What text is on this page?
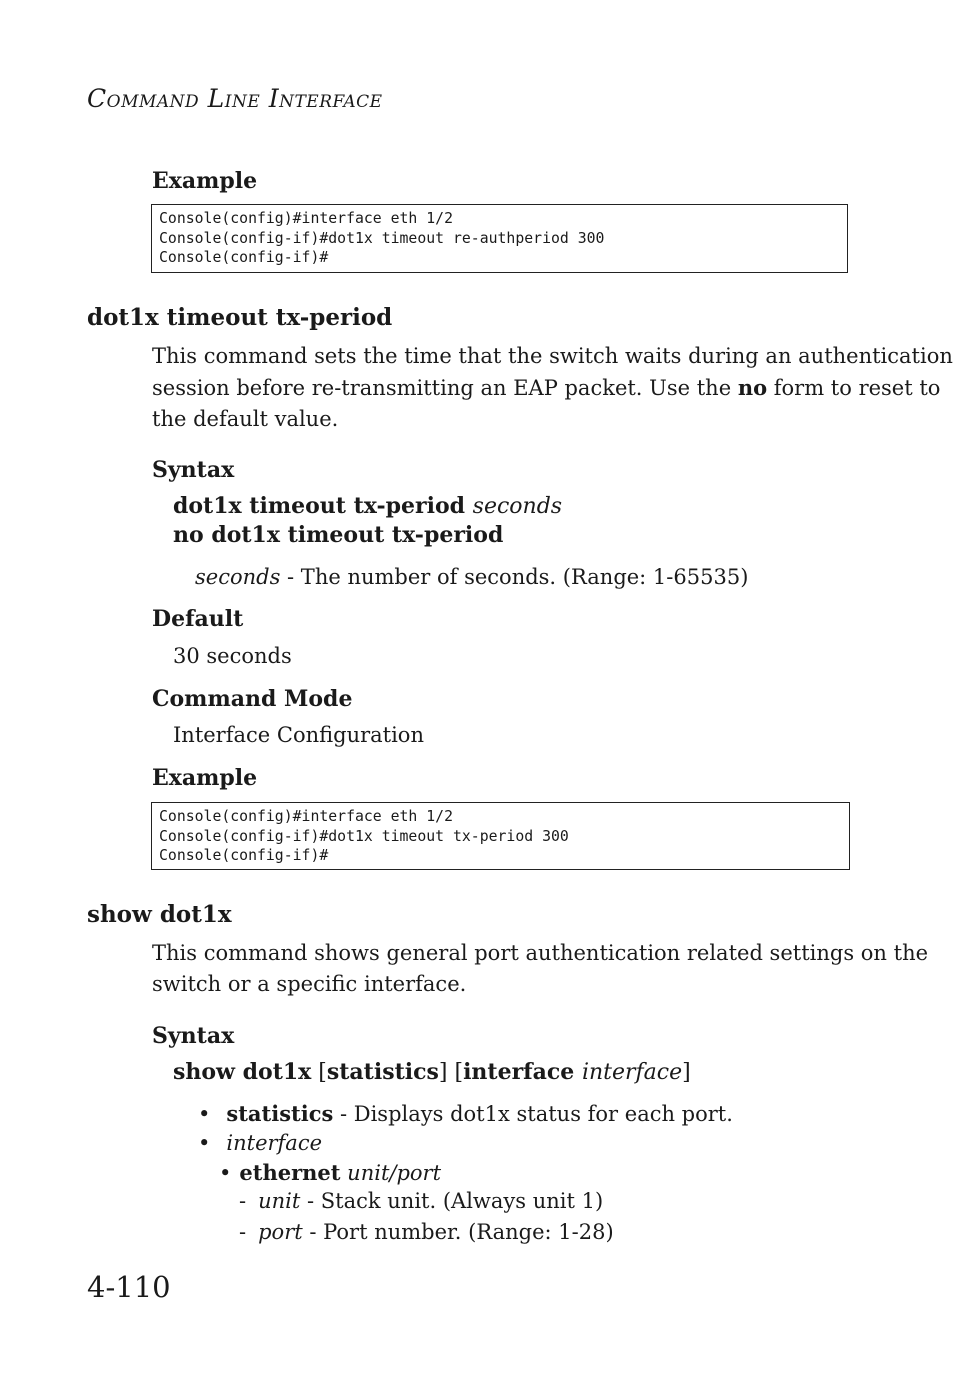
COMMAND LINE INTERFACE
Example
Console(config)#interface eth 1/2
Console(config-if)#dot1x timeout re-authperiod 300
Console(config-if)#
dot1x timeout tx-period
This command sets the time that the switch waits during an authentication
session before re-transmitting an EAP packet. Use the no form to reset to
the default value.
Syntax
dot1x timeout tx-period seconds
no dot1x timeout tx-period
seconds - The number of seconds. (Range: 1-65535)
Default
30 seconds
Command Mode
Interface Configuration
Example
Console(config)#interface eth 1/2
Console(config-if)#dot1x timeout tx-period 300
Console(config-if)#
show dot1x
This command shows general port authentication related settings on the
switch or a specific interface.
Syntax
show dot1x [statistics] [interface interface]
• statistics - Displays dot1x status for each port.
• interface
• ethernet unit/port
- unit - Stack unit. (Always unit 1)
- port - Port number. (Range: 1-28)
4-110
